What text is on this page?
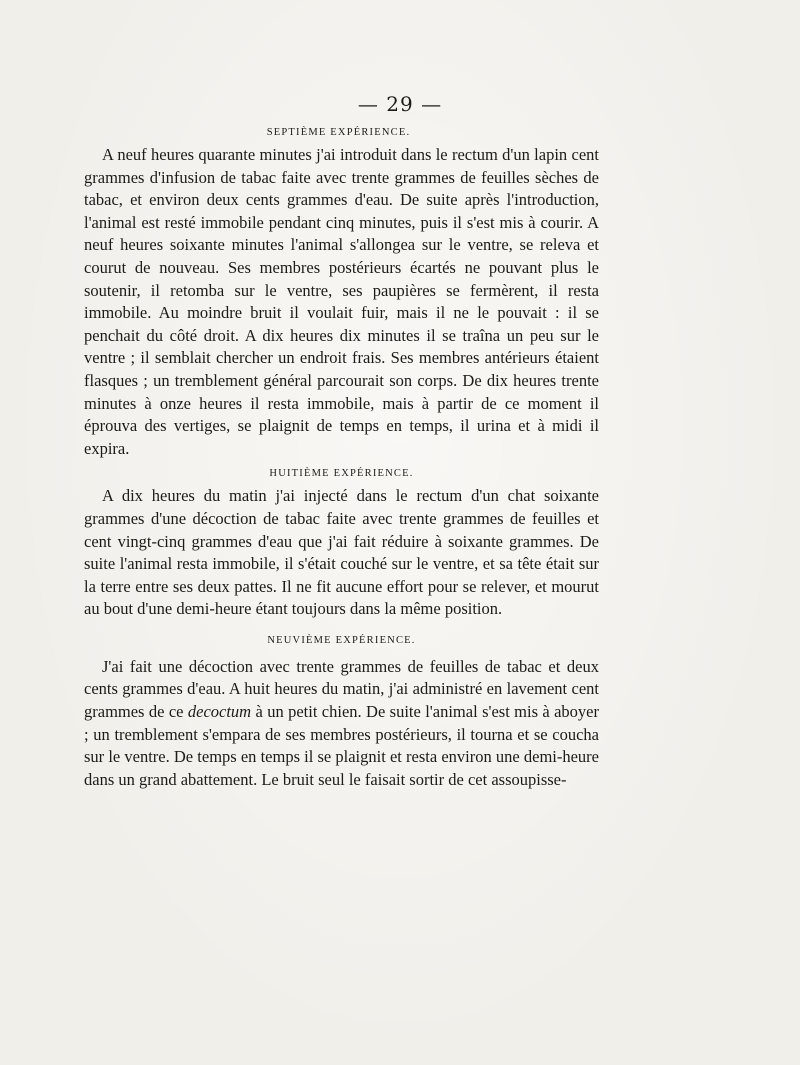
— 29 —
SEPTIÈME EXPÉRIENCE.

A neuf heures quarante minutes j'ai introduit dans le rectum d'un lapin cent grammes d'infusion de tabac faite avec trente grammes de feuilles sèches de tabac, et environ deux cents grammes d'eau. De suite après l'introduction, l'animal est resté immobile pendant cinq minutes, puis il s'est mis à courir. A neuf heures soixante minutes l'animal s'allongea sur le ventre, se releva et courut de nouveau. Ses membres postérieurs écartés ne pouvant plus le soutenir, il retomba sur le ventre, ses paupières se fermèrent, il resta immobile. Au moindre bruit il voulait fuir, mais il ne le pouvait : il se penchait du côté droit. A dix heures dix minutes il se traîna un peu sur le ventre ; il semblait chercher un endroit frais. Ses membres antérieurs étaient flasques ; un tremblement général parcourait son corps. De dix heures trente minutes à onze heures il resta immobile, mais à partir de ce moment il éprouva des vertiges, se plaignit de temps en temps, il urina et à midi il expira.

HUITIÈME EXPÉRIENCE.

A dix heures du matin j'ai injecté dans le rectum d'un chat soixante grammes d'une décoction de tabac faite avec trente grammes de feuilles et cent vingt-cinq grammes d'eau que j'ai fait réduire à soixante grammes. De suite l'animal resta immobile, il s'était couché sur le ventre, et sa tête était sur la terre entre ses deux pattes. Il ne fit aucune effort pour se relever, et mourut au bout d'une demi-heure étant toujours dans la même position.

NEUVIÈME EXPÉRIENCE.

J'ai fait une décoction avec trente grammes de feuilles de tabac et deux cents grammes d'eau. A huit heures du matin, j'ai administré en lavement cent grammes de ce decoctum à un petit chien. De suite l'animal s'est mis à aboyer ; un tremblement s'empara de ses membres postérieurs, il tourna et se coucha sur le ventre. De temps en temps il se plaignit et resta environ une demi-heure dans un grand abattement. Le bruit seul le faisait sortir de cet assoupisse-
